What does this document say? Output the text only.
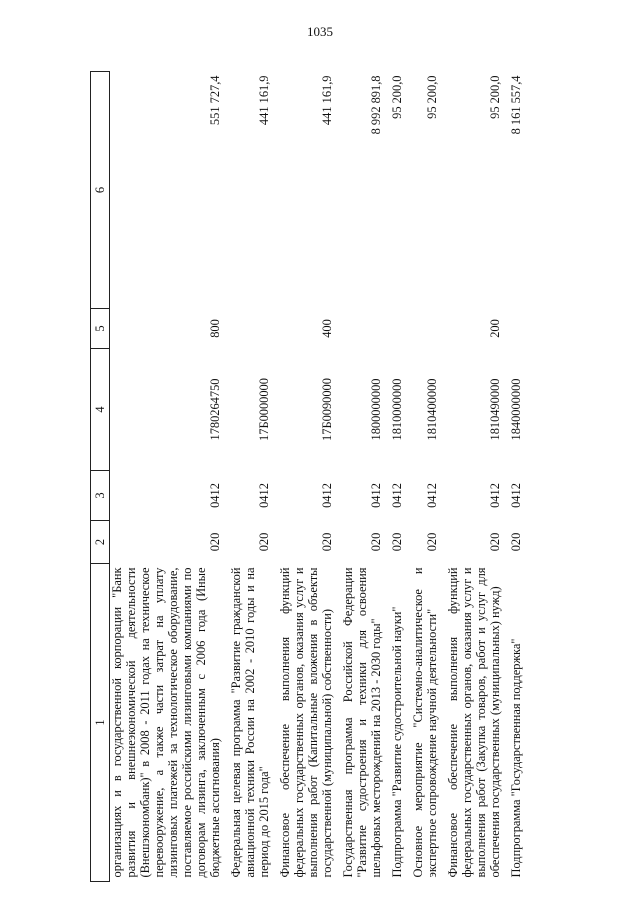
1035
1	2	3	4	5	6
организациях и в государственной корпорации "Банк развития и внешнеэкономической деятельности (Внешэкономбанк)" в 2008 - 2011 годах на техническое перевооружение, а также части затрат на уплату лизинговых платежей за технологическое оборудование, поставляемое российскими лизинговыми компаниями по договорам лизинга, заключенным с 2006 года (Иные бюджетные ассигнования)	020	0412	1780264750	800	551 727,4
Федеральная целевая программа "Развитие гражданской авиационной техники России на 2002 - 2010 годы и на период до 2015 года"	020	0412	17Б0000000		441 161,9
Финансовое обеспечение выполнения функций федеральных государственных органов, оказания услуг и выполнения работ (Капитальные вложения в объекты государственной (муниципальной) собственности)	020	0412	17Б0090000	400	441 161,9
Государственная программа Российской Федерации "Развитие судостроения и техники для освоения шельфовых месторождений на 2013 - 2030 годы"	020	0412	1800000000		8 992 891,8
Подпрограмма "Развитие судостроительной науки"	020	0412	1810000000		95 200,0
Основное мероприятие "Системно-аналитическое и экспертное сопровождение научной деятельности"	020	0412	1810400000		95 200,0
Финансовое обеспечение выполнения функций федеральных государственных органов, оказания услуг и выполнения работ (Закупка товаров, работ и услуг для обеспечения государственных (муниципальных) нужд)	020	0412	1810490000	200	95 200,0
Подпрограмма "Государственная поддержка"	020	0412	1840000000		8 161 557,4
